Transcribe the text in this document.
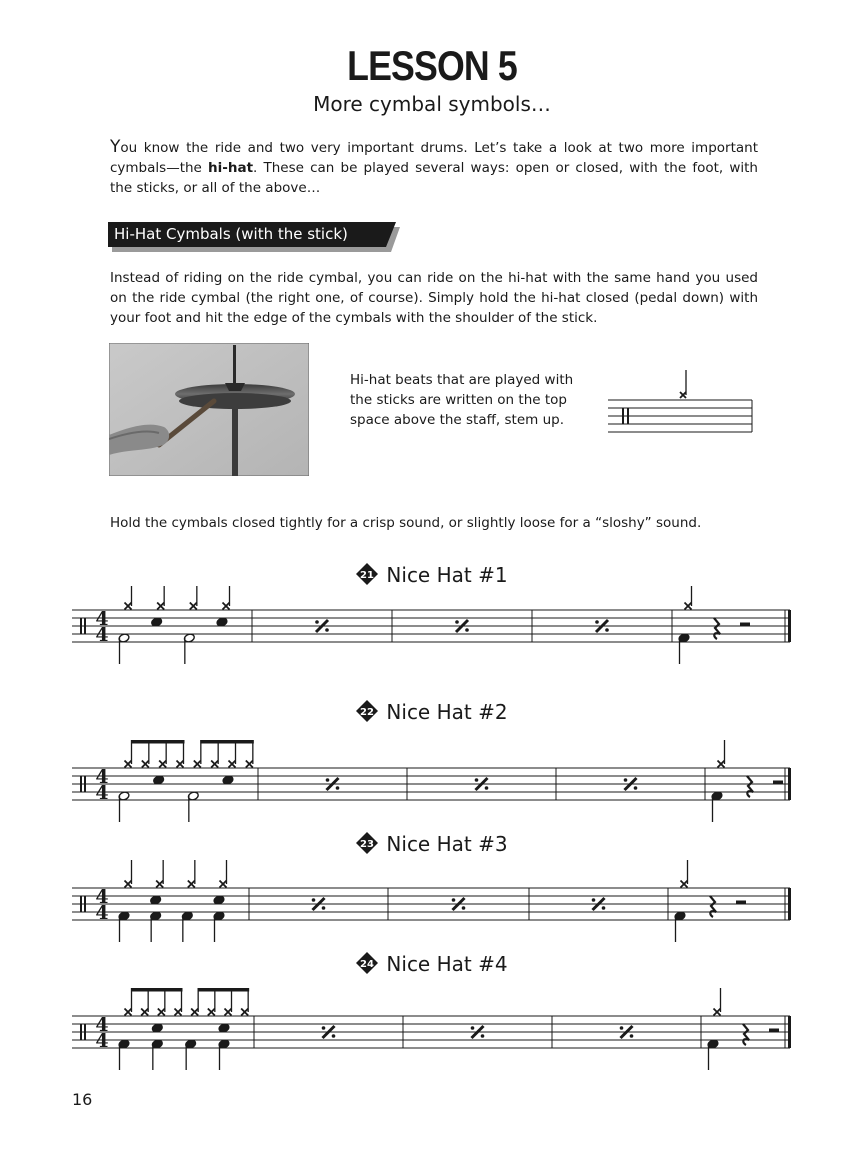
LESSON 5
More cymbal symbols…

You know the ride and two very important drums. Let’s take a look at two more important cymbals—the hi-hat. These can be played several ways: open or closed, with the foot, with the sticks, or all of the above…

Hi-Hat Cymbals (with the stick)

Instead of riding on the ride cymbal, you can ride on the hi-hat with the same hand you used on the ride cymbal (the right one, of course). Simply hold the hi-hat closed (pedal down) with your foot and hit the edge of the cymbals with the shoulder of the stick.

Hi-hat beats that are played with the sticks are written on the top space above the staff, stem up.

Hold the cymbals closed tightly for a crisp sound, or slightly loose for a “sloshy” sound.

21 Nice Hat #1
22 Nice Hat #2
23 Nice Hat #3
24 Nice Hat #4
4
4
4
4
4
4
4
4
16
